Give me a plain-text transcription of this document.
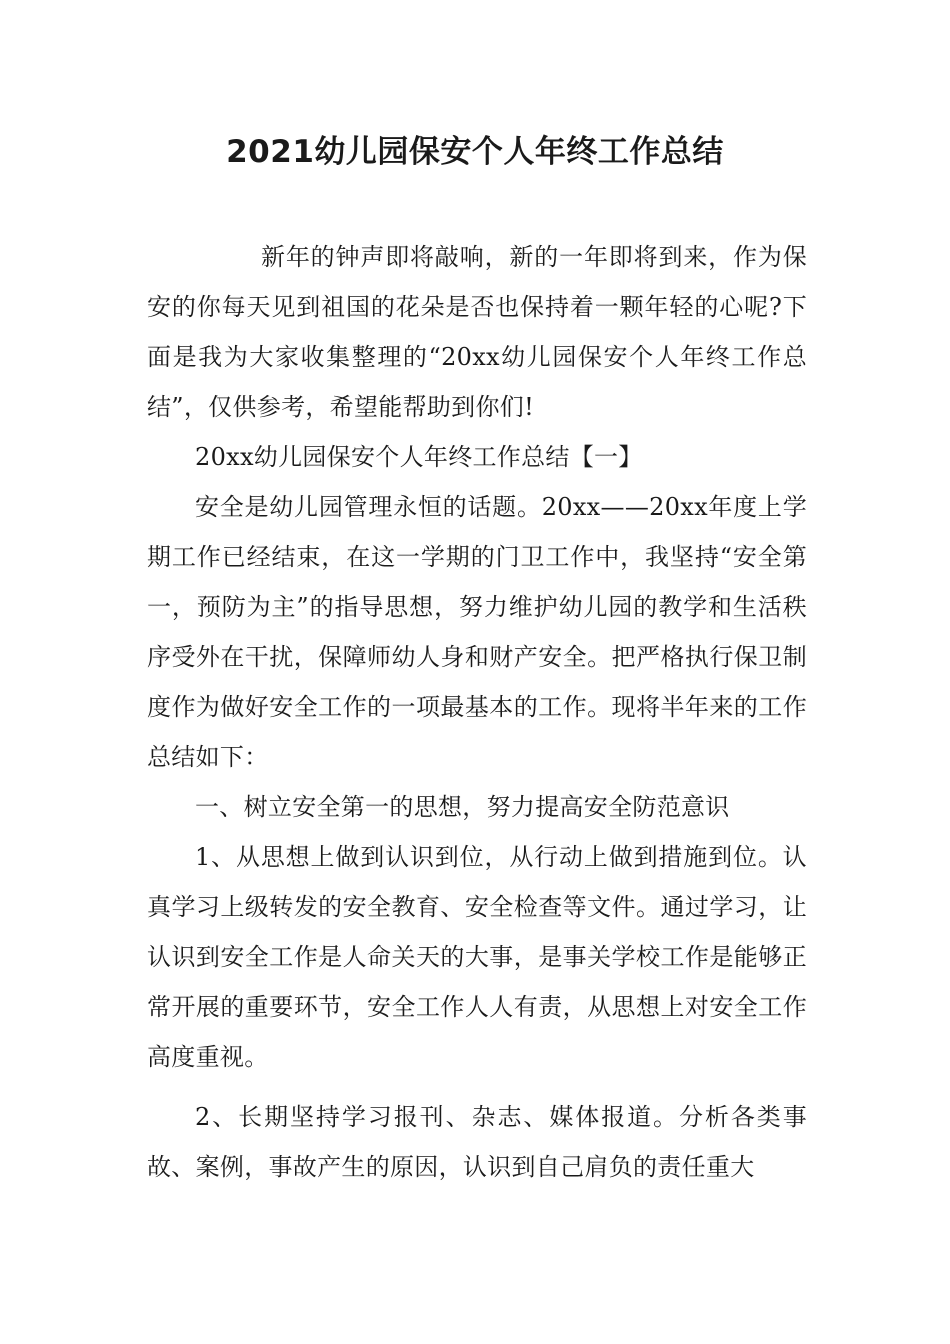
2021幼儿园保安个人年终工作总结

新年的钟声即将敲响，新的一年即将到来，作为保安的你每天见到祖国的花朵是否也保持着一颗年轻的心呢?下面是我为大家收集整理的“20xx幼儿园保安个人年终工作总结”，仅供参考，希望能帮助到你们!

20xx幼儿园保安个人年终工作总结【一】

安全是幼儿园管理永恒的话题。20xx——20xx年度上学期工作已经结束，在这一学期的门卫工作中，我坚持“安全第一，预防为主”的指导思想，努力维护幼儿园的教学和生活秩序受外在干扰，保障师幼人身和财产安全。把严格执行保卫制度作为做好安全工作的一项最基本的工作。现将半年来的工作总结如下：

一、树立安全第一的思想，努力提高安全防范意识

1、从思想上做到认识到位，从行动上做到措施到位。认真学习上级转发的安全教育、安全检查等文件。通过学习，让认识到安全工作是人命关天的大事，是事关学校工作是能够正常开展的重要环节，安全工作人人有责，从思想上对安全工作高度重视。

2、长期坚持学习报刊、杂志、媒体报道。分析各类事故、案例，事故产生的原因，认识到自己肩负的责任重大
